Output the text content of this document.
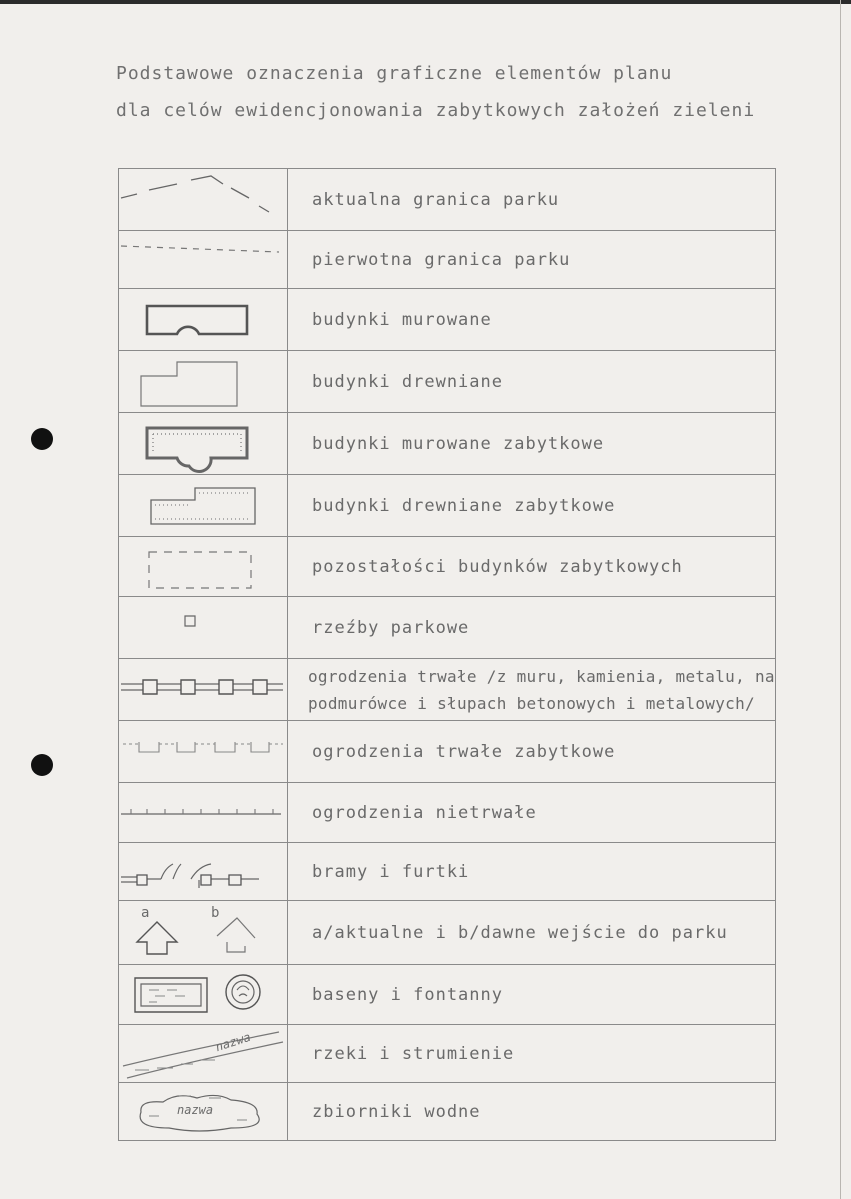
Podstawowe oznaczenia graficzne elementów planu
dla celów ewidencjonowania zabytkowych założeń zieleni
	aktualna granica parku

	pierwotna granica parku

	budynki murowane

	budynki drewniane

	budynki murowane zabytkowe

	budynki drewniane zabytkowe

	pozostałości budynków zabytkowych

	rzeźby parkowe

ogrodzenia trwałe /z muru, kamienia, metalu, na
podmurówce i słupach betonowych i metalowych/

	ogrodzenia trwałe zabytkowe

	ogrodzenia nietrwałe

	bramy i furtki

a b	a/aktualne i b/dawne wejście do parku

	baseny i fontanny

nazwa	rzeki i strumienie

nazwa	zbiorniki wodne
